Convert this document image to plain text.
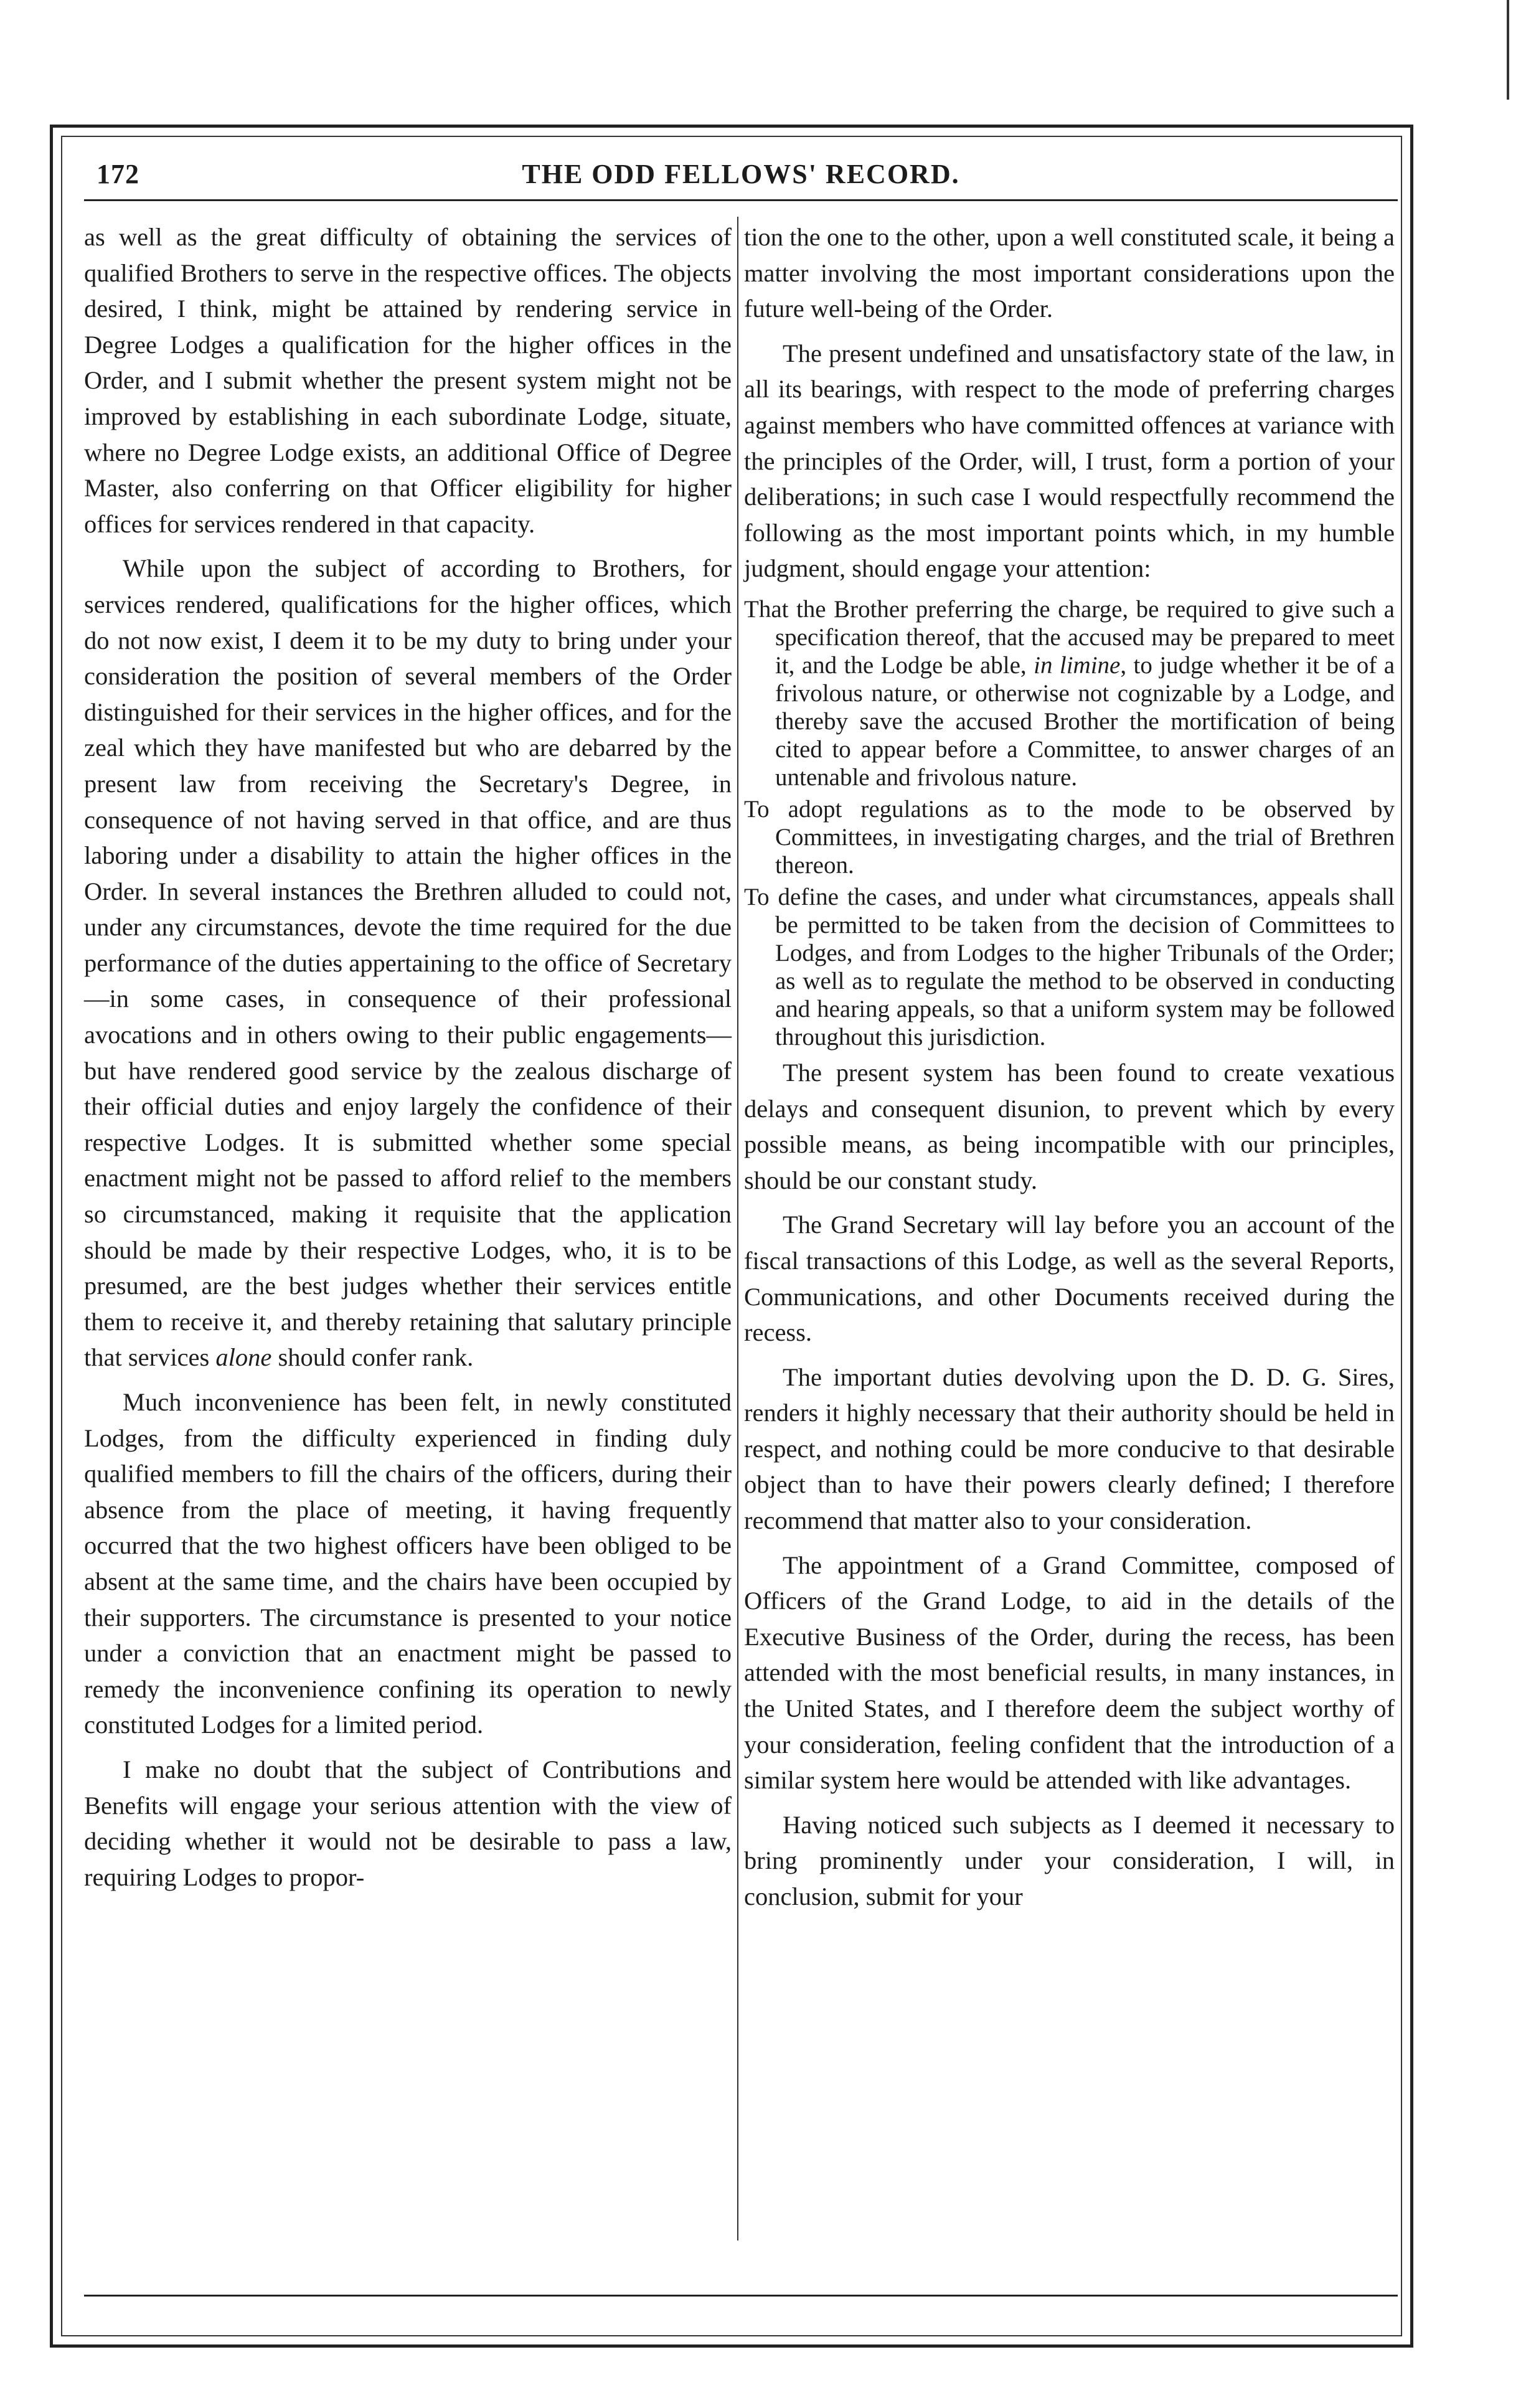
172	THE ODD FELLOWS' RECORD.

as well as the great difficulty of obtaining the services of qualified Brothers to serve in the respective offices. The objects desired, I think, might be attained by rendering service in Degree Lodges a qualification for the higher offices in the Order, and I submit whether the present system might not be improved by establishing in each subordinate Lodge, situate, where no Degree Lodge exists, an additional Office of Degree Master, also conferring on that Officer eligibility for higher offices for services rendered in that capacity.

While upon the subject of according to Brothers, for services rendered, qualifications for the higher offices, which do not now exist, I deem it to be my duty to bring under your consideration the position of several members of the Order distinguished for their services in the higher offices, and for the zeal which they have manifested but who are debarred by the present law from receiving the Secretary's Degree, in consequence of not having served in that office, and are thus laboring under a disability to attain the higher offices in the Order. In several instances the Brethren alluded to could not, under any circumstances, devote the time required for the due performance of the duties appertaining to the office of Secretary—in some cases, in consequence of their professional avocations and in others owing to their public engagements—but have rendered good service by the zealous discharge of their official duties and enjoy largely the confidence of their respective Lodges. It is submitted whether some special enactment might not be passed to afford relief to the members so circumstanced, making it requisite that the application should be made by their respective Lodges, who, it is to be presumed, are the best judges whether their services entitle them to receive it, and thereby retaining that salutary principle that services alone should confer rank.

Much inconvenience has been felt, in newly constituted Lodges, from the difficulty experienced in finding duly qualified members to fill the chairs of the officers, during their absence from the place of meeting, it having frequently occurred that the two highest officers have been obliged to be absent at the same time, and the chairs have been occupied by their supporters. The circumstance is presented to your notice under a conviction that an enactment might be passed to remedy the inconvenience confining its operation to newly constituted Lodges for a limited period.

I make no doubt that the subject of Contributions and Benefits will engage your serious attention with the view of deciding whether it would not be desirable to pass a law, requiring Lodges to propor-

tion the one to the other, upon a well constituted scale, it being a matter involving the most important considerations upon the future well-being of the Order.

The present undefined and unsatisfactory state of the law, in all its bearings, with respect to the mode of preferring charges against members who have committed offences at variance with the principles of the Order, will, I trust, form a portion of your deliberations; in such case I would respectfully recommend the following as the most important points which, in my humble judgment, should engage your attention:

That the Brother preferring the charge, be required to give such a specification thereof, that the accused may be prepared to meet it, and the Lodge be able, in limine, to judge whether it be of a frivolous nature, or otherwise not cognizable by a Lodge, and thereby save the accused Brother the mortification of being cited to appear before a Committee, to answer charges of an untenable and frivolous nature.

To adopt regulations as to the mode to be observed by Committees, in investigating charges, and the trial of Brethren thereon.

To define the cases, and under what circumstances, appeals shall be permitted to be taken from the decision of Committees to Lodges, and from Lodges to the higher Tribunals of the Order; as well as to regulate the method to be observed in conducting and hearing appeals, so that a uniform system may be followed throughout this jurisdiction.

The present system has been found to create vexatious delays and consequent disunion, to prevent which by every possible means, as being incompatible with our principles, should be our constant study.

The Grand Secretary will lay before you an account of the fiscal transactions of this Lodge, as well as the several Reports, Communications, and other Documents received during the recess.

The important duties devolving upon the D. D. G. Sires, renders it highly necessary that their authority should be held in respect, and nothing could be more conducive to that desirable object than to have their powers clearly defined; I therefore recommend that matter also to your consideration.

The appointment of a Grand Committee, composed of Officers of the Grand Lodge, to aid in the details of the Executive Business of the Order, during the recess, has been attended with the most beneficial results, in many instances, in the United States, and I therefore deem the subject worthy of your consideration, feeling confident that the introduction of a similar system here would be attended with like advantages.

Having noticed such subjects as I deemed it necessary to bring prominently under your consideration, I will, in conclusion, submit for your
